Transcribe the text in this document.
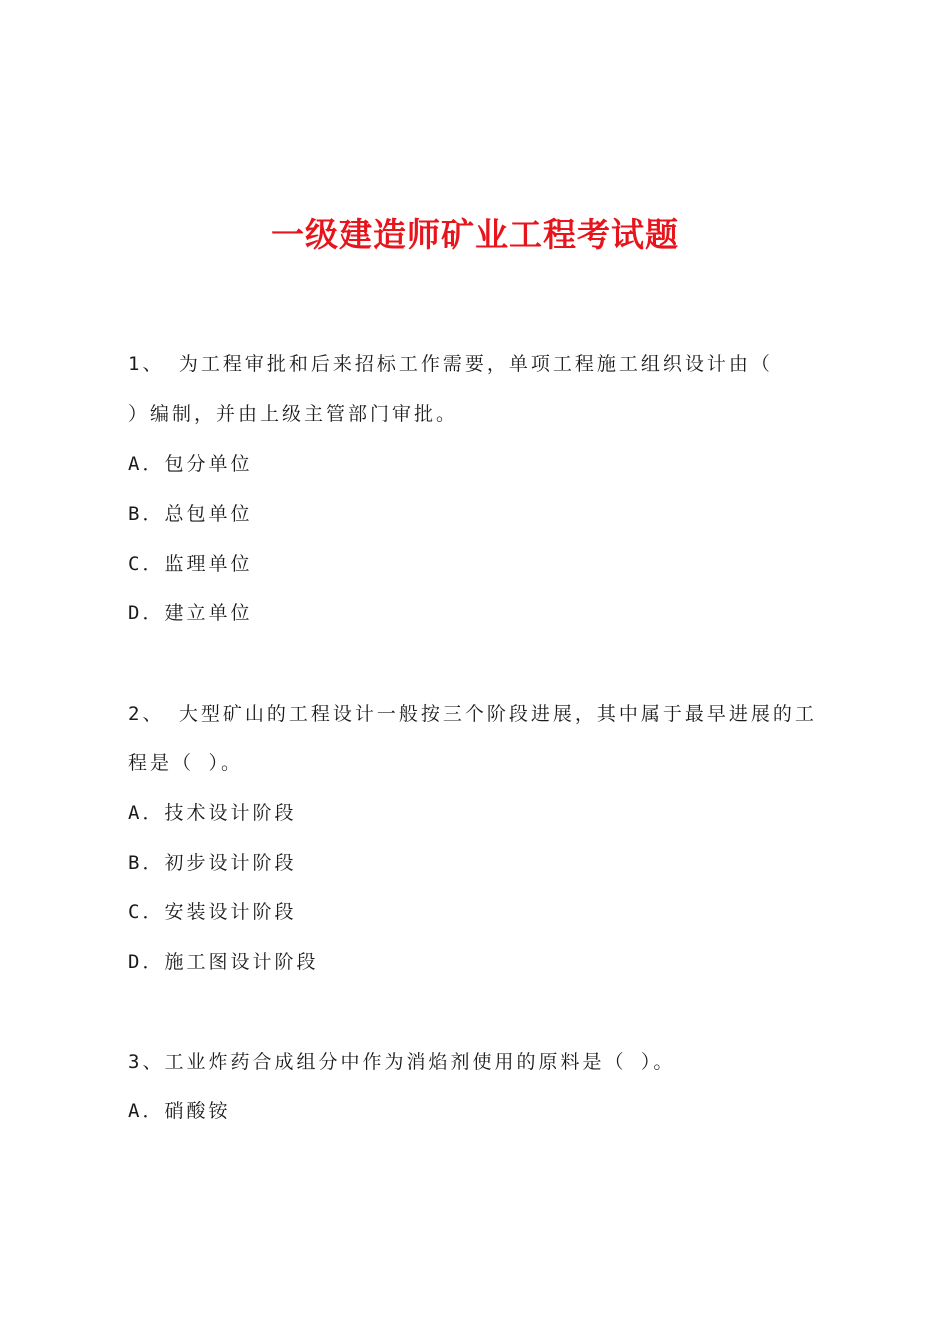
一级建造师矿业工程考试题
1、 为工程审批和后来招标工作需要，单项工程施工组织设计由（
）编制，并由上级主管部门审批。
A．包分单位
B．总包单位
C．监理单位
D．建立单位
2、 大型矿山的工程设计一般按三个阶段进展，其中属于最早进展的工
程是（ ）。
A．技术设计阶段
B．初步设计阶段
C．安装设计阶段
D．施工图设计阶段
3、工业炸药合成组分中作为消焰剂使用的原料是（ ）。
A．硝酸铵
